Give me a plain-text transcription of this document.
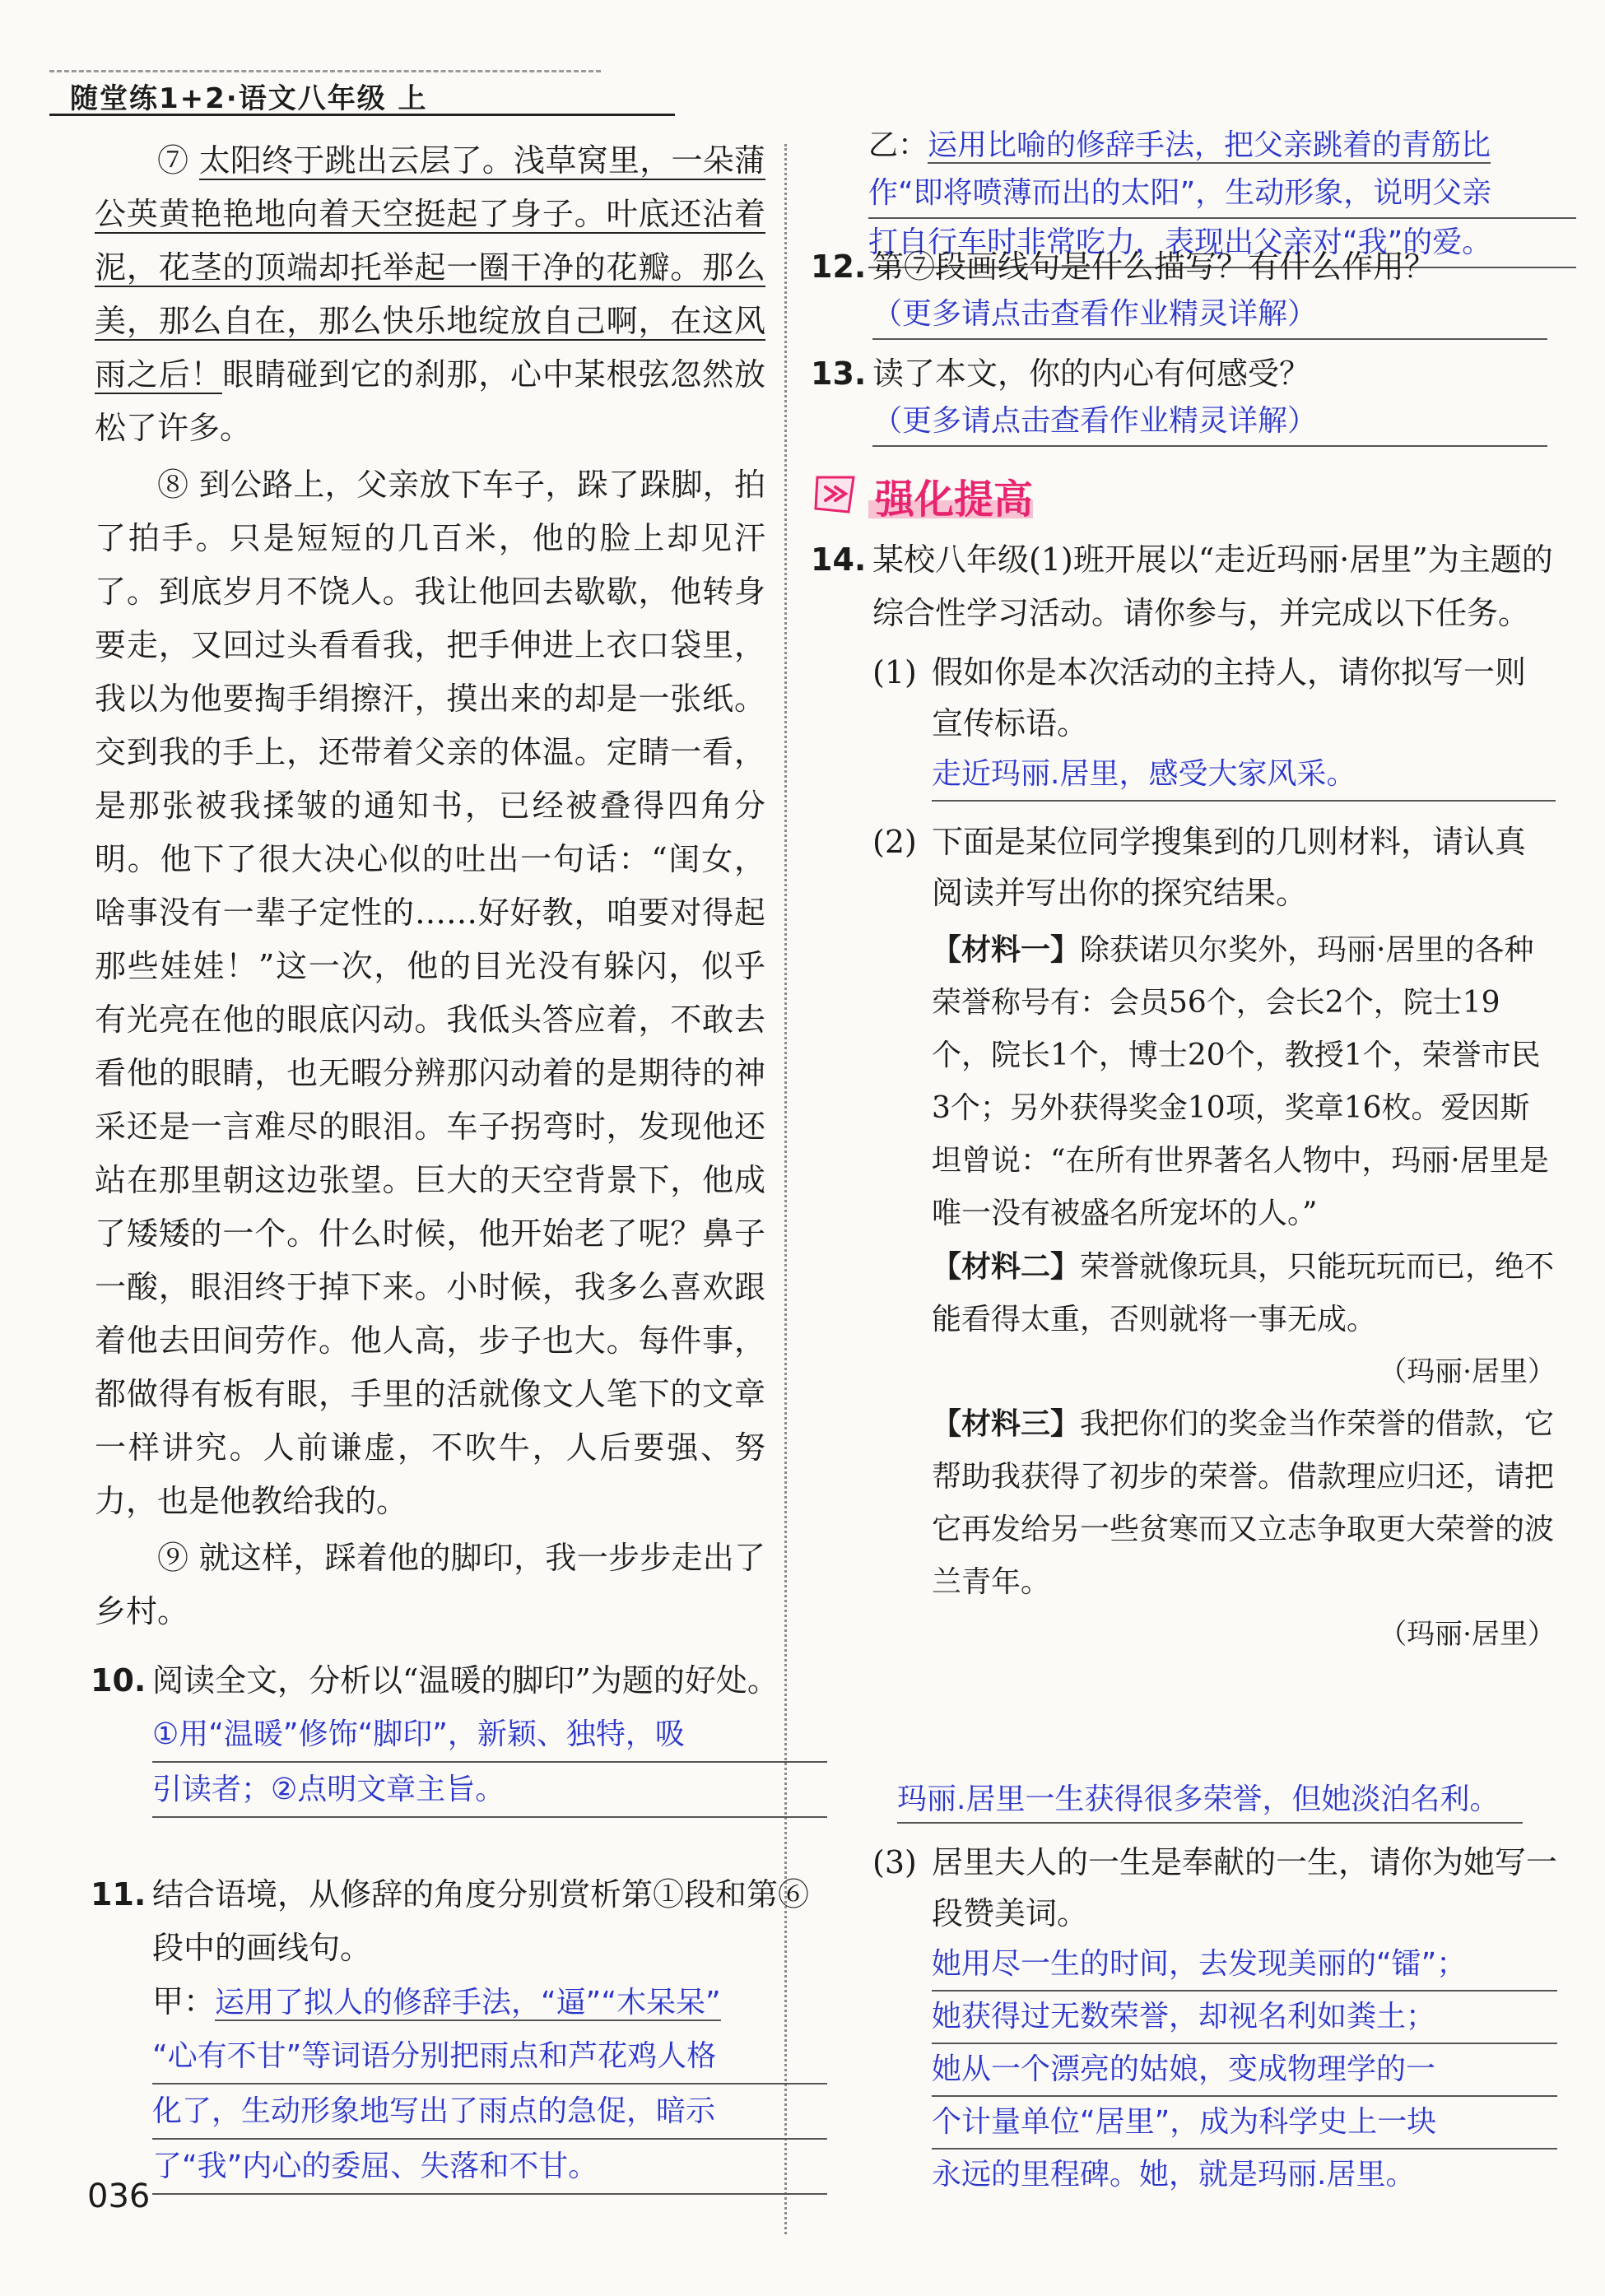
随堂练1+2·语文八年级 上

⑦ 太阳终于跳出云层了。浅草窝里，一朵蒲公英黄艳艳地向着天空挺起了身子。叶底还沾着泥，花茎的顶端却托举起一圈干净的花瓣。那么美，那么自在，那么快乐地绽放自己啊，在这风雨之后！眼睛碰到它的刹那，心中某根弦忽然放松了许多。

⑧ 到公路上，父亲放下车子，跺了跺脚，拍了拍手。只是短短的几百米，他的脸上却见汗了。到底岁月不饶人。我让他回去歇歇，他转身要走，又回过头看看我，把手伸进上衣口袋里，我以为他要掏手绢擦汗，摸出来的却是一张纸。交到我的手上，还带着父亲的体温。定睛一看，是那张被我揉皱的通知书，已经被叠得四角分明。他下了很大决心似的吐出一句话：“闺女，啥事没有一辈子定性的……好好教，咱要对得起那些娃娃！”这一次，他的目光没有躲闪，似乎有光亮在他的眼底闪动。我低头答应着，不敢去看他的眼睛，也无暇分辨那闪动着的是期待的神采还是一言难尽的眼泪。车子拐弯时，发现他还站在那里朝这边张望。巨大的天空背景下，他成了矮矮的一个。什么时候，他开始老了呢？鼻子一酸，眼泪终于掉下来。小时候，我多么喜欢跟着他去田间劳作。他人高，步子也大。每件事，都做得有板有眼，手里的活就像文人笔下的文章一样讲究。人前谦虚，不吹牛，人后要强、努力，也是他教给我的。

⑨ 就这样，踩着他的脚印，我一步步走出了乡村。

10. 阅读全文，分析以“温暖的脚印”为题的好处。
①用“温暖”修饰“脚印”，新颖、独特，吸
引读者；②点明文章主旨。
11. 结合语境，从修辞的角度分别赏析第①段和第⑥段中的画线句。
甲：运用了拟人的修辞手法，“逼”“木呆呆”
“心有不甘”等词语分别把雨点和芦花鸡人格
化了，生动形象地写出了雨点的急促，暗示
了“我”内心的委屈、失落和不甘。
乙：运用比喻的修辞手法，把父亲跳着的青筋比
作“即将喷薄而出的太阳”，生动形象，说明父亲
打自行车时非常吃力，表现出父亲对“我”的爱。
12. 第⑦段画线句是什么描写？有什么作用？
（更多请点击查看作业精灵详解）
13. 读了本文，你的内心有何感受？
（更多请点击查看作业精灵详解）
强化提高
14. 某校八年级(1)班开展以“走近玛丽·居里”为主题的综合性学习活动。请你参与，并完成以下任务。
(1) 假如你是本次活动的主持人，请你拟写一则宣传标语。
走近玛丽.居里，感受大家风采。
(2) 下面是某位同学搜集到的几则材料，请认真阅读并写出你的探究结果。
【材料一】除获诺贝尔奖外，玛丽·居里的各种荣誉称号有：会员56个，会长2个，院士19个，院长1个，博士20个，教授1个，荣誉市民3个；另外获得奖金10项，奖章16枚。爱因斯坦曾说：“在所有世界著名人物中，玛丽·居里是唯一没有被盛名所宠坏的人。”
【材料二】荣誉就像玩具，只能玩玩而已，绝不能看得太重，否则就将一事无成。
（玛丽·居里）
【材料三】我把你们的奖金当作荣誉的借款，它帮助我获得了初步的荣誉。借款理应归还，请把它再发给另一些贫寒而又立志争取更大荣誉的波兰青年。
（玛丽·居里）
玛丽.居里一生获得很多荣誉，但她淡泊名利。
(3) 居里夫人的一生是奉献的一生，请你为她写一段赞美词。
她用尽一生的时间，去发现美丽的“镭”；
她获得过无数荣誉，却视名利如粪土；
她从一个漂亮的姑娘，变成物理学的一
个计量单位“居里”，成为科学史上一块
永远的里程碑。她，就是玛丽.居里。
036
